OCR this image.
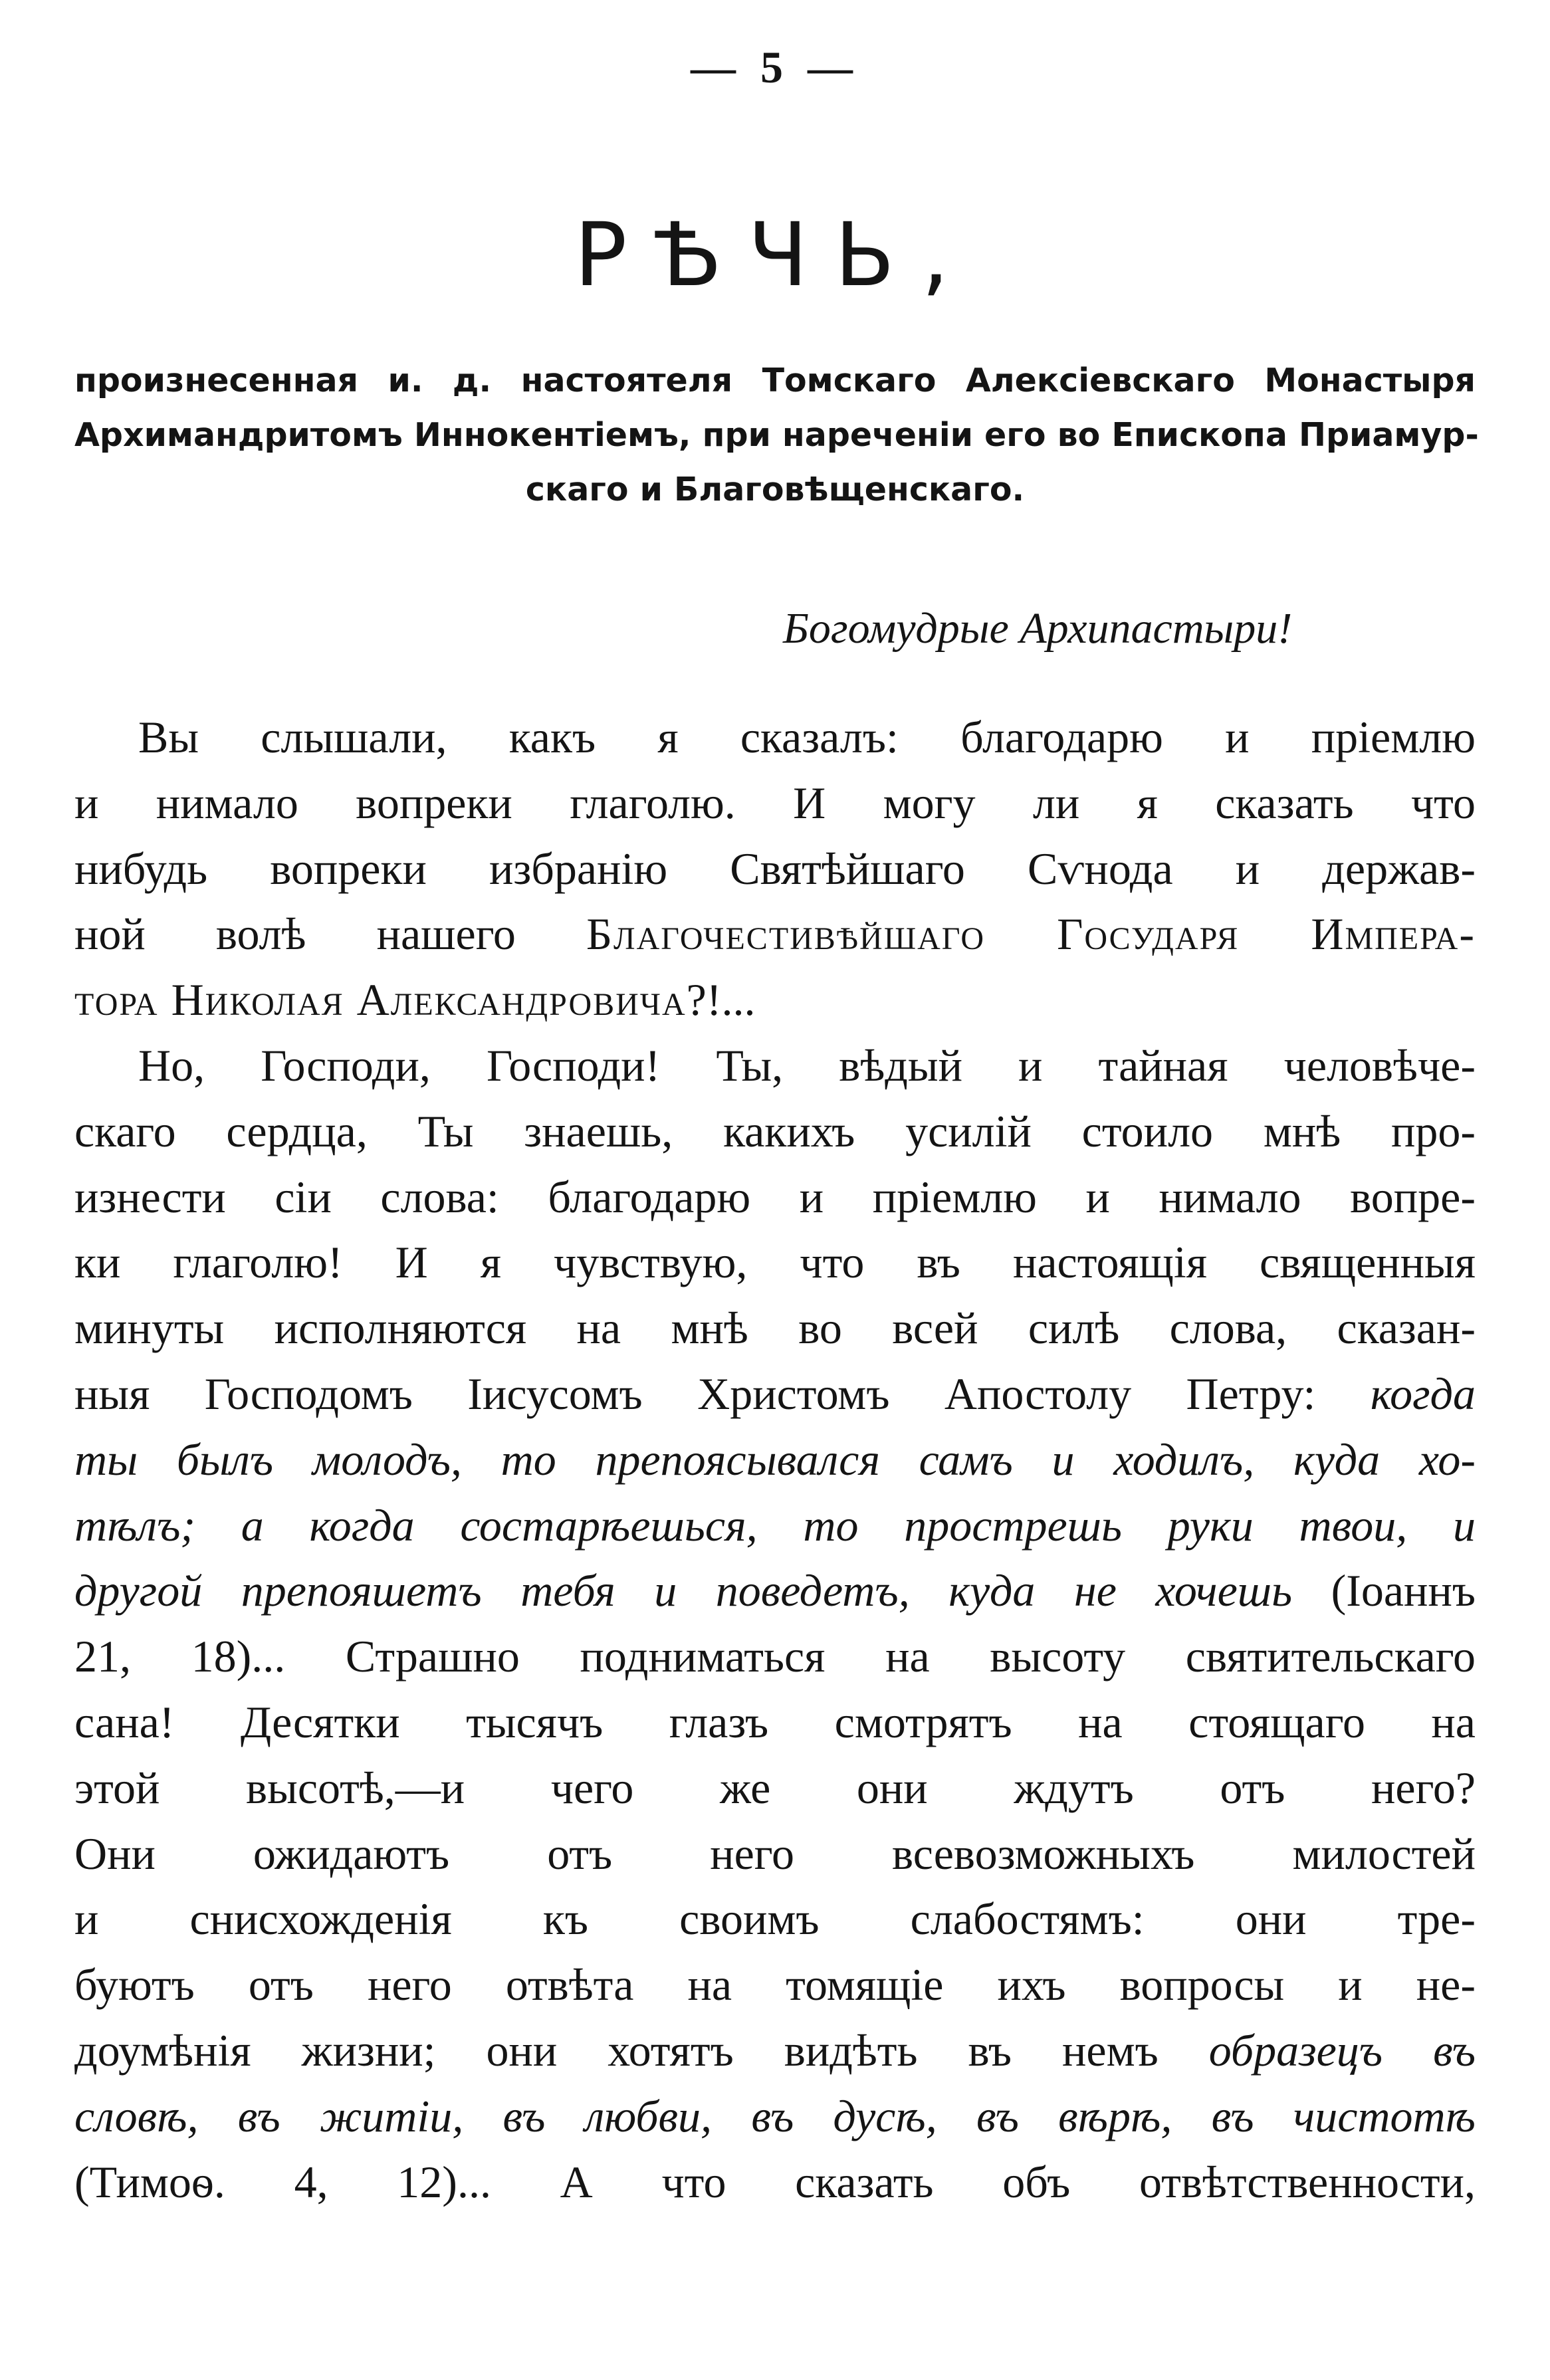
— 5 —
РѢЧЬ,
произнесенная и. д. настоятеля Томскаго Алексіевскаго Монастыря
Архимандритомъ Иннокентіемъ, при нареченіи его во Епископа Приамур-
скаго и Благовѣщенскаго.
Богомудрые Архипастыри!
Вы слышали, какъ я сказалъ: благодарю и пріемлю
и нимало вопреки глаголю. И могу ли я сказать что
нибудь вопреки избранію Святѣйшаго Сѵнода и держав-
ной волѣ нашего Благочестивѣйшаго Государя Импера-
тора Николая Александровича?!...
Но, Господи, Господи! Ты, вѣдый и тайная человѣче-
скаго сердца, Ты знаешь, какихъ усилій стоило мнѣ про-
изнести сіи слова: благодарю и пріемлю и нимало вопре-
ки глаголю! И я чувствую, что въ настоящія священныя
минуты исполняются на мнѣ во всей силѣ слова, сказан-
ныя Господомъ Іисусомъ Христомъ Апостолу Петру: когда
ты былъ молодъ, то препоясывался самъ и ходилъ, куда хо-
тѣлъ; а когда состарѣешься, то прострешь руки твои, и
другой препояшетъ тебя и поведетъ, куда не хочешь (Іоаннъ
21, 18)... Страшно подниматься на высоту святительскаго
сана! Десятки тысячъ глазъ смотрятъ на стоящаго на
этой высотѣ,—и чего же они ждутъ отъ него?
Они ожидаютъ отъ него всевозможныхъ милостей
и снисхожденія къ своимъ слабостямъ: они тре-
буютъ отъ него отвѣта на томящіе ихъ вопросы и не-
доумѣнія жизни; они хотятъ видѣть въ немъ образецъ въ
словѣ, въ житіи, въ любви, въ дусѣ, въ вѣрѣ, въ чистотѣ
(Тимоѳ. 4, 12)... А что сказать объ отвѣтственности,
